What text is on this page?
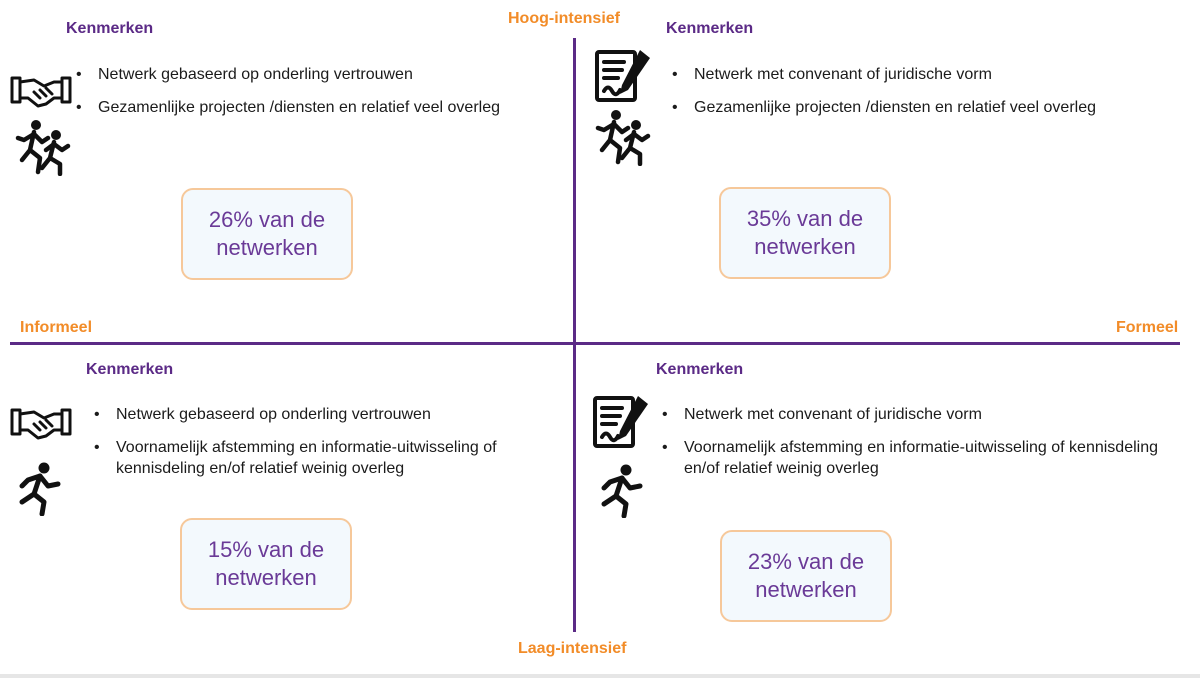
Hoog-intensief
Laag-intensief
Informeel	Formeel
Kenmerken
• Netwerk gebaseerd op onderling vertrouwen
• Gezamenlijke projecten /diensten en relatief veel overleg
26% van de netwerken
Kenmerken
• Netwerk met convenant of juridische vorm
• Gezamenlijke projecten /diensten en relatief veel overleg
35% van de netwerken
Kenmerken
• Netwerk gebaseerd op onderling vertrouwen
• Voornamelijk afstemming en informatie-uitwisseling of kennisdeling en/of relatief weinig overleg
15% van de netwerken
Kenmerken
• Netwerk met convenant of juridische vorm
• Voornamelijk afstemming en informatie-uitwisseling of kennisdeling en/of relatief weinig overleg
23% van de netwerken
